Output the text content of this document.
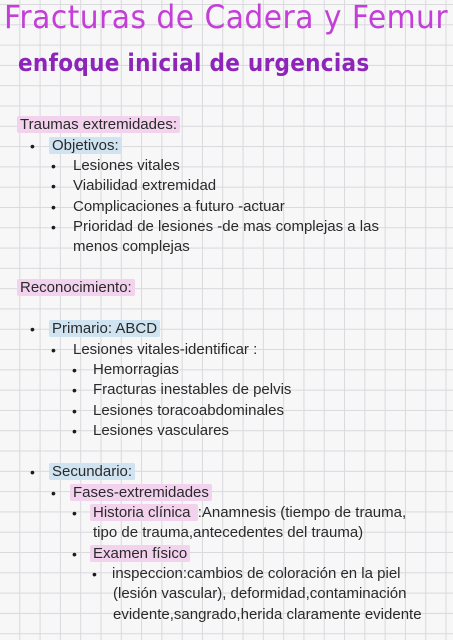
Fracturas de Cadera y Femur
enfoque inicial de urgencias
Traumas extremidades:
• Objetivos:
• Lesiones vitales
• Viabilidad extremidad
• Complicaciones a futuro -actuar
• Prioridad de lesiones -de mas complejas a las
menos complejas
Reconocimiento:
• Primario: ABCD
• Lesiones vitales-identificar :
• Hemorragias
• Fracturas inestables de pelvis
• Lesiones toracoabdominales
• Lesiones vasculares
• Secundario:
• Fases-extremidades
• Historia clínica :Anamnesis (tiempo de trauma,
tipo de trauma,antecedentes del trauma)
• Examen físico
• inspeccion:cambios de coloración en la piel
(lesión vascular), deformidad,contaminación
evidente,sangrado,herida claramente evidente
